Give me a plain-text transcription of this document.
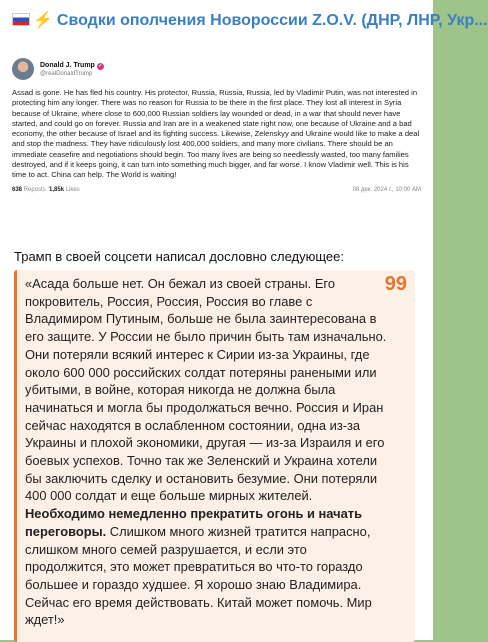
⚡ Сводки ополчения Новороссии Z.O.V. (ДНР, ЛНР, Укр...
Donald J. Trump ✓
@realDonaldTrump
Assad is gone. He has fled his country. His protector, Russia, Russia, Russia, led by Vladimir Putin, was not interested in protecting him any longer. There was no reason for Russia to be there in the first place. They lost all interest in Syria because of Ukraine, where close to 600,000 Russian soldiers lay wounded or dead, in a war that should never have started, and could go on forever. Russia and Iran are in a weakened state right now, one because of Ukraine and a bad economy, the other because of Israel and its fighting success. Likewise, Zelenskyy and Ukraine would like to make a deal and stop the madness. They have ridiculously lost 400,000 soldiers, and many more civilians. There should be an immediate ceasefire and negotiations should begin. Too many lives are being so needlessly wasted, too many families destroyed, and if it keeps going, it can turn into something much bigger, and far worse. I know Vladimir well. This is his time to act. China can help. The World is waiting!
638 Reposts 1,85k Likes	08 дек. 2024 г., 10:00 AM
Трамп в своей соцсети написал дословно следующее:
99
«Асада больше нет. Он бежал из своей страны. Его покровитель, Россия, Россия, Россия во главе с Владимиром Путиным, больше не была заинтересована в его защите. У России не было причин быть там изначально. Они потеряли всякий интерес к Сирии из-за Украины, где около 600 000 российских солдат потеряны ранеными или убитыми, в войне, которая никогда не должна была начинаться и могла бы продолжаться вечно. Россия и Иран сейчас находятся в ослабленном состоянии, одна из-за Украины и плохой экономики, другая — из-за Израиля и его боевых успехов. Точно так же Зеленский и Украина хотели бы заключить сделку и остановить безумие. Они потеряли 400 000 солдат и еще больше мирных жителей. Необходимо немедленно прекратить огонь и начать переговоры. Слишком много жизней тратится напрасно, слишком много семей разрушается, и если это продолжится, это может превратиться во что-то гораздо большее и гораздо худшее. Я хорошо знаю Владимира. Сейчас его время действовать. Китай может помочь. Мир ждет!»
